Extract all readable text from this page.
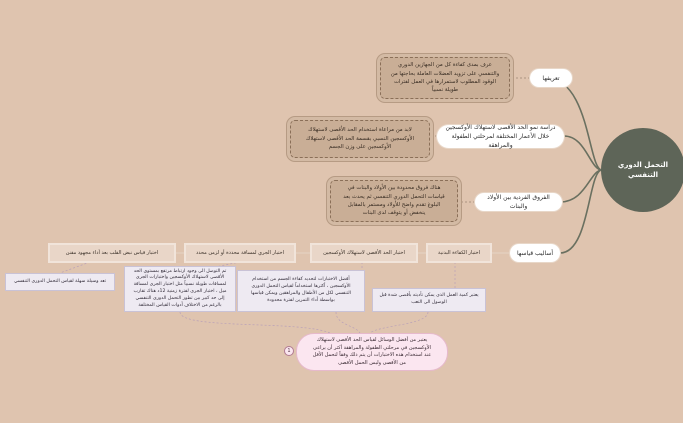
التحمل الدوري
التنفسي
تعريفها
عرف بمدى كفاءة كل من الجهازين الدوري والتنفسي على تزويد العضلات العاملة بحاجتها من الوقود المطلوب لاستمرارها في العمل لفترات طويلة نسبياً
دراسة نمو الحد الأقصى لاستهلاك الأوكسجين خلال الأعمار المختلفة لمرحلتي الطفولة والمراهقة
لابد من مراعاة استخدام الحد الأقصى لاستهلاك الأوكسجين النسبي بقسمة الحد الأقصى لاستهلاك الأوكسجين على وزن الجسم
الفروق الفردية بين الأولاد والبنات
هناك فروق محدودة بين الأولاد والبنات في قياسات التحمل الدوري التنفسي ثم يحدث بعد البلوغ تقدم واضح للأولاد ومستمر بالمقابل ينخفض أو يتوقف لدى البنات
أساليب قياسها
اختبار الكفاءة البدنية
اختبار الحد الأقصى لاستهلاك الأوكسجين
اختبار الجري لمسافة محددة أو لزمن محدد
اختبار قياس نبض القلب بعد أداء مجهود مقنن
يعتبر كمية العمل الذي يمكن تأديته بأقصى شدة قبل الوصول الى التعب
أفضل الاختبارات لتحديد كفاءة الجسم من استخدام الأوكسجين ، أكثرها استخداماً لقياس التحمل الدوري التنفسي لكل من الأطفال والمراهقين ويمكن قياسها بواسطة أداء التمرين لفترة محدودة
تم التوصل الى وجود ارتباط مرتفع بمستوى الحد الأقصى لاستهلاك الأوكسجين واختبارات الجري لمسافات طويلة نسبياً مثل اختبار الجري لمسافة ميل ، اختبار الجري لفترة زمنية 12د هناك تقارب إلى حد كبير بين تطور التحمل الدوري التنفسي بالرغم من الاختلاف أدوات القياس المختلفة
تعد وسيلة سهلة لقياس التحمل الدوري التنفسي
يعتبر من أفضل الوسائل لقياس الحد الأقصى لاستهلاك الأوكسجين في مرحلتي الطفولة والمراهقة أكثر أن يراعى عند استخدام هذه الاختبارات أن يتم ذلك وفقاً لتحمل الأقل من الأقصى وليس الحمل الأقصى
1
